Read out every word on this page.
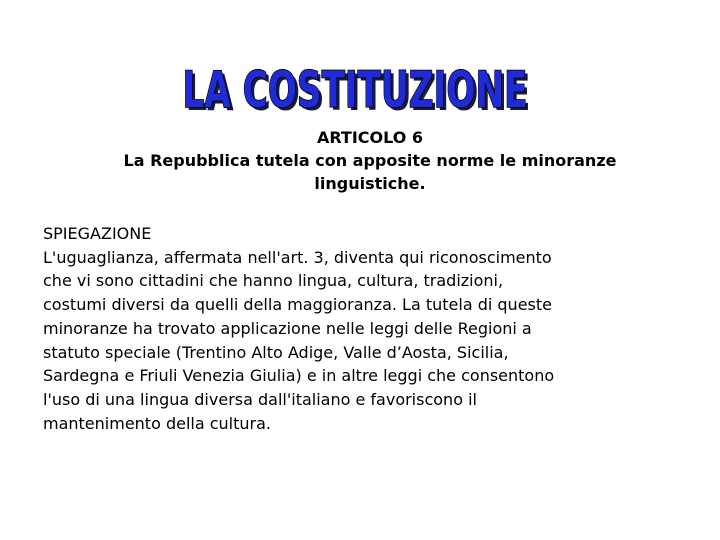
LA COSTITUZIONE
LA COSTITUZIONE
ARTICOLO 6
La Repubblica tutela con apposite norme le minoranze
linguistiche.
SPIEGAZIONE
L'uguaglianza, affermata nell'art. 3, diventa qui riconoscimento
che vi sono cittadini che hanno lingua, cultura, tradizioni,
costumi diversi da quelli della maggioranza. La tutela di queste
minoranze ha trovato applicazione nelle leggi delle Regioni a
statuto speciale (Trentino Alto Adige, Valle d’Aosta, Sicilia,
Sardegna e Friuli Venezia Giulia) e in altre leggi che consentono
l'uso di una lingua diversa dall'italiano e favoriscono il
mantenimento della cultura.
